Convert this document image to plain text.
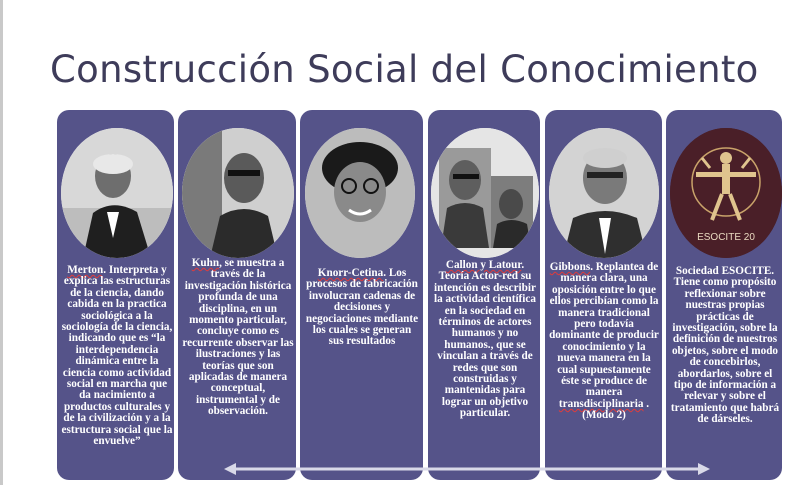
Construcción Social del Conocimiento
ESOCITE 20
Merton. Interpreta y explica las estructuras de la ciencia, dando cabida en la practica sociológica a la sociología de la ciencia, indicando que es “la interdependencia dinámica entre la ciencia como actividad social en marcha que da nacimiento a productos culturales y de la civilización y a la estructura social que la envuelve”
Kuhn, se muestra a través de la investigación histórica profunda de una disciplina, en un momento particular, concluye como es recurrente observar las ilustraciones y las teorías que son aplicadas de manera conceptual, instrumental y de observación.
Knorr-Cetina. Los procesos de fabricación involucran cadenas de decisiones y negociaciones mediante los cuales se generan sus resultados
Callon y Latour. Teoría Actor-red su intención es describir la actividad científica en la sociedad en términos de actores humanos y no humanos., que se vinculan a través de redes que son construidas y mantenidas para lograr un objetivo particular.
Gibbons. Replantea de manera clara, una oposición entre lo que ellos percibían como la manera tradicional pero todavía dominante de producir conocimiento y la nueva manera en la cual supuestamente éste se produce de manera transdisciplinaria . (Modo 2)
Sociedad ESOCITE. Tiene como propósito reflexionar sobre nuestras propias prácticas de investigación, sobre la definición de nuestros objetos, sobre el modo de concebirlos, abordarlos, sobre el tipo de información a relevar y sobre el tratamiento que habrá de dárseles.
